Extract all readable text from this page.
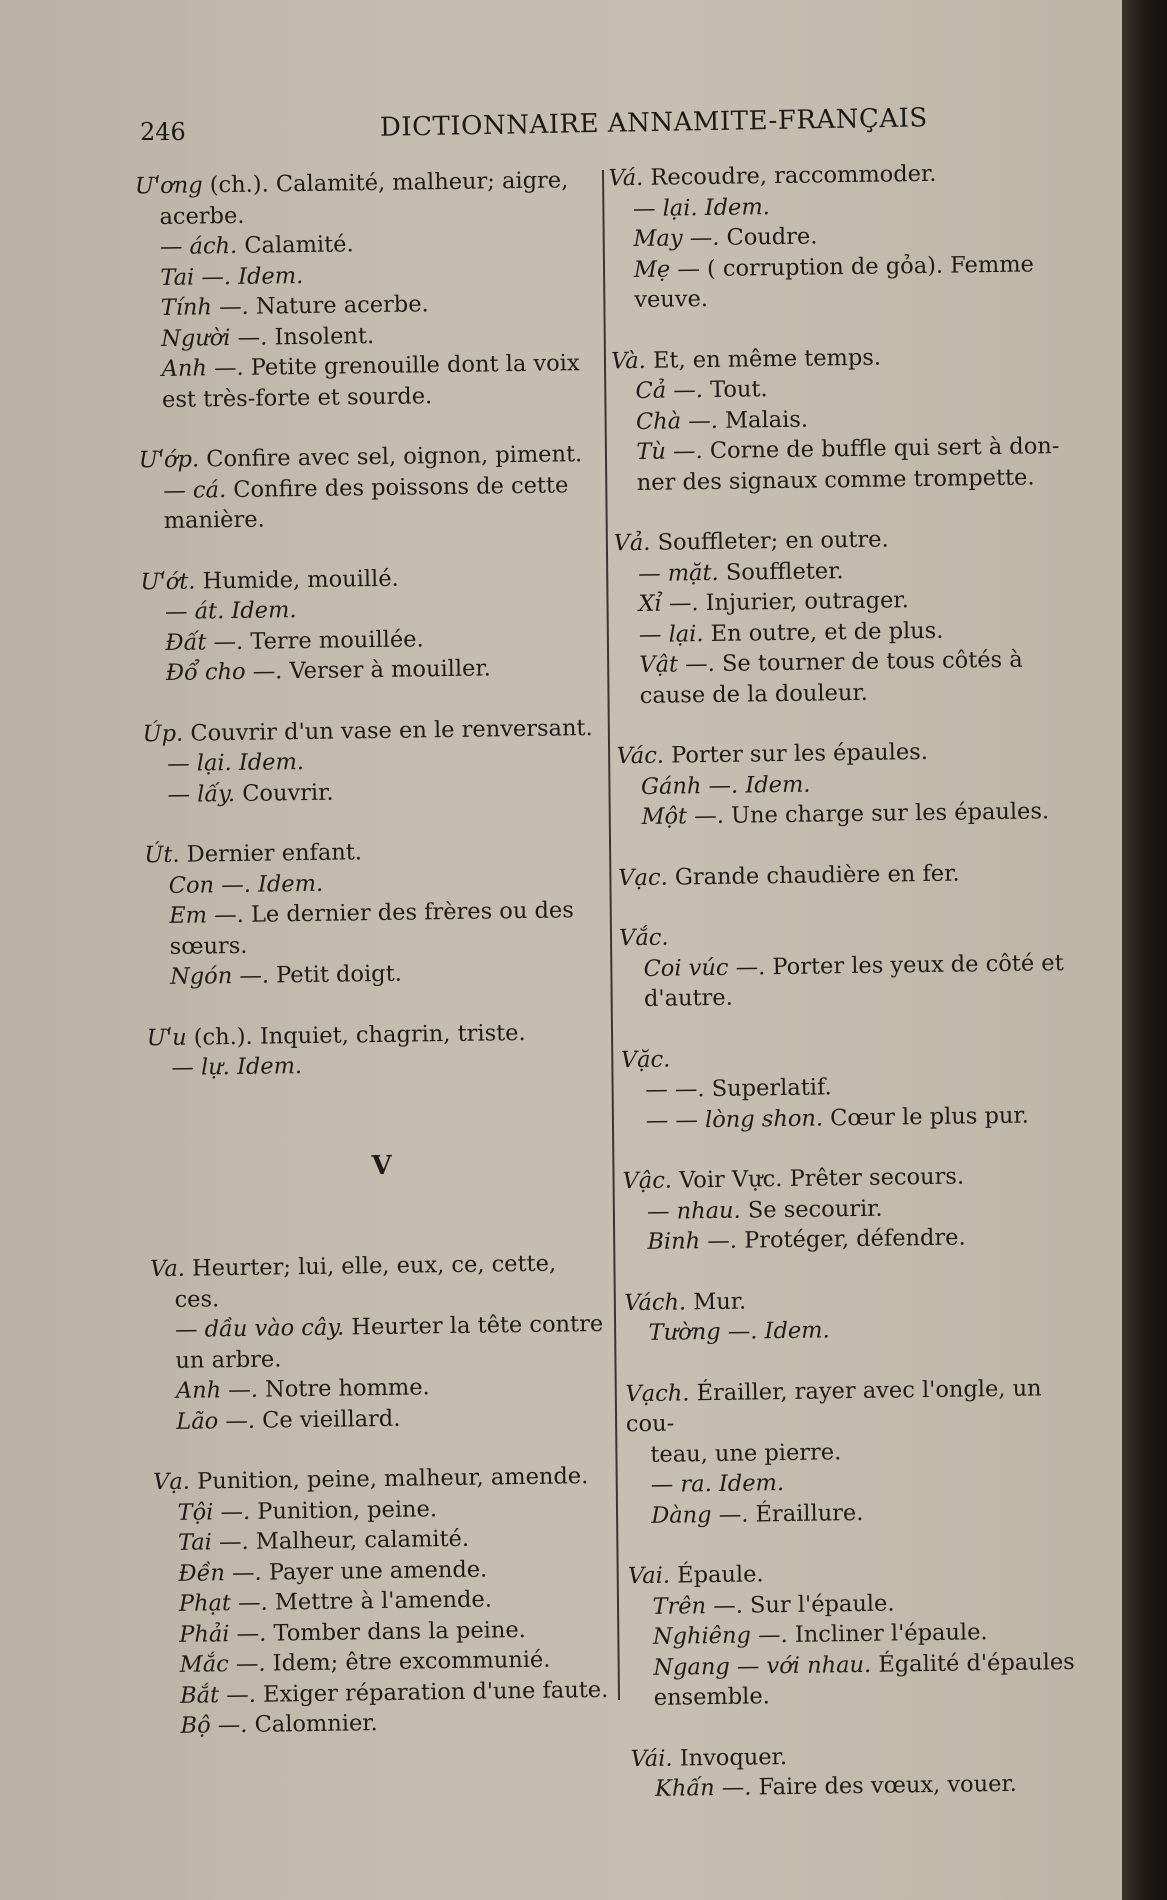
246	DICTIONNAIRE ANNAMITE-FRANÇAIS
Ư'ơng (ch.). Calamité, malheur; aigre,
acerbe.
— ách. Calamité.
Tai —. Idem.
Tính —. Nature acerbe.
Người —. Insolent.
Anh —. Petite grenouille dont la voix
est très-forte et sourde.
Ư'ớp. Confire avec sel, oignon, piment.
— cá. Confire des poissons de cette
manière.
Ư'ớt. Humide, mouillé.
— át. Idem.
Đất —. Terre mouillée.
Đổ cho —. Verser à mouiller.
Úp. Couvrir d'un vase en le renversant.
— lại. Idem.
— lấy. Couvrir.
Út. Dernier enfant.
Con —. Idem.
Em —. Le dernier des frères ou des
sœurs.
Ngón —. Petit doigt.
Ư'u (ch.). Inquiet, chagrin, triste.
— lự. Idem.
V
Va. Heurter; lui, elle, eux, ce, cette,
ces.
— dầu vào cây. Heurter la tête contre
un arbre.
Anh —. Notre homme.
Lão —. Ce vieillard.
Vạ. Punition, peine, malheur, amende.
Tội —. Punition, peine.
Tai —. Malheur, calamité.
Đền —. Payer une amende.
Phạt —. Mettre à l'amende.
Phải —. Tomber dans la peine.
Mắc —. Idem; être excommunié.
Bắt —. Exiger réparation d'une faute.
Bộ —. Calomnier.
Vá. Recoudre, raccommoder.
— lại. Idem.
May —. Coudre.
Mẹ — ( corruption de gỏa). Femme
veuve.
Và. Et, en même temps.
Cả —. Tout.
Chà —. Malais.
Tù —. Corne de buffle qui sert à don-
ner des signaux comme trompette.
Vả. Souffleter; en outre.
— mặt. Souffleter.
Xỉ —. Injurier, outrager.
— lại. En outre, et de plus.
Vật —. Se tourner de tous côtés à
cause de la douleur.
Vác. Porter sur les épaules.
Gánh —. Idem.
Một —. Une charge sur les épaules.
Vạc. Grande chaudière en fer.
Vắc.
Coi vúc —. Porter les yeux de côté et
d'autre.
Vặc.
— —. Superlatif.
— — lòng shon. Cœur le plus pur.
Vậc. Voir Vực. Prêter secours.
— nhau. Se secourir.
Binh —. Protéger, défendre.
Vách. Mur.
Tường —. Idem.
Vạch. Érailler, rayer avec l'ongle, un cou-
teau, une pierre.
— ra. Idem.
Dàng —. Éraillure.
Vai. Épaule.
Trên —. Sur l'épaule.
Nghiêng —. Incliner l'épaule.
Ngang — với nhau. Égalité d'épaules
ensemble.
Vái. Invoquer.
Khấn —. Faire des vœux, vouer.
